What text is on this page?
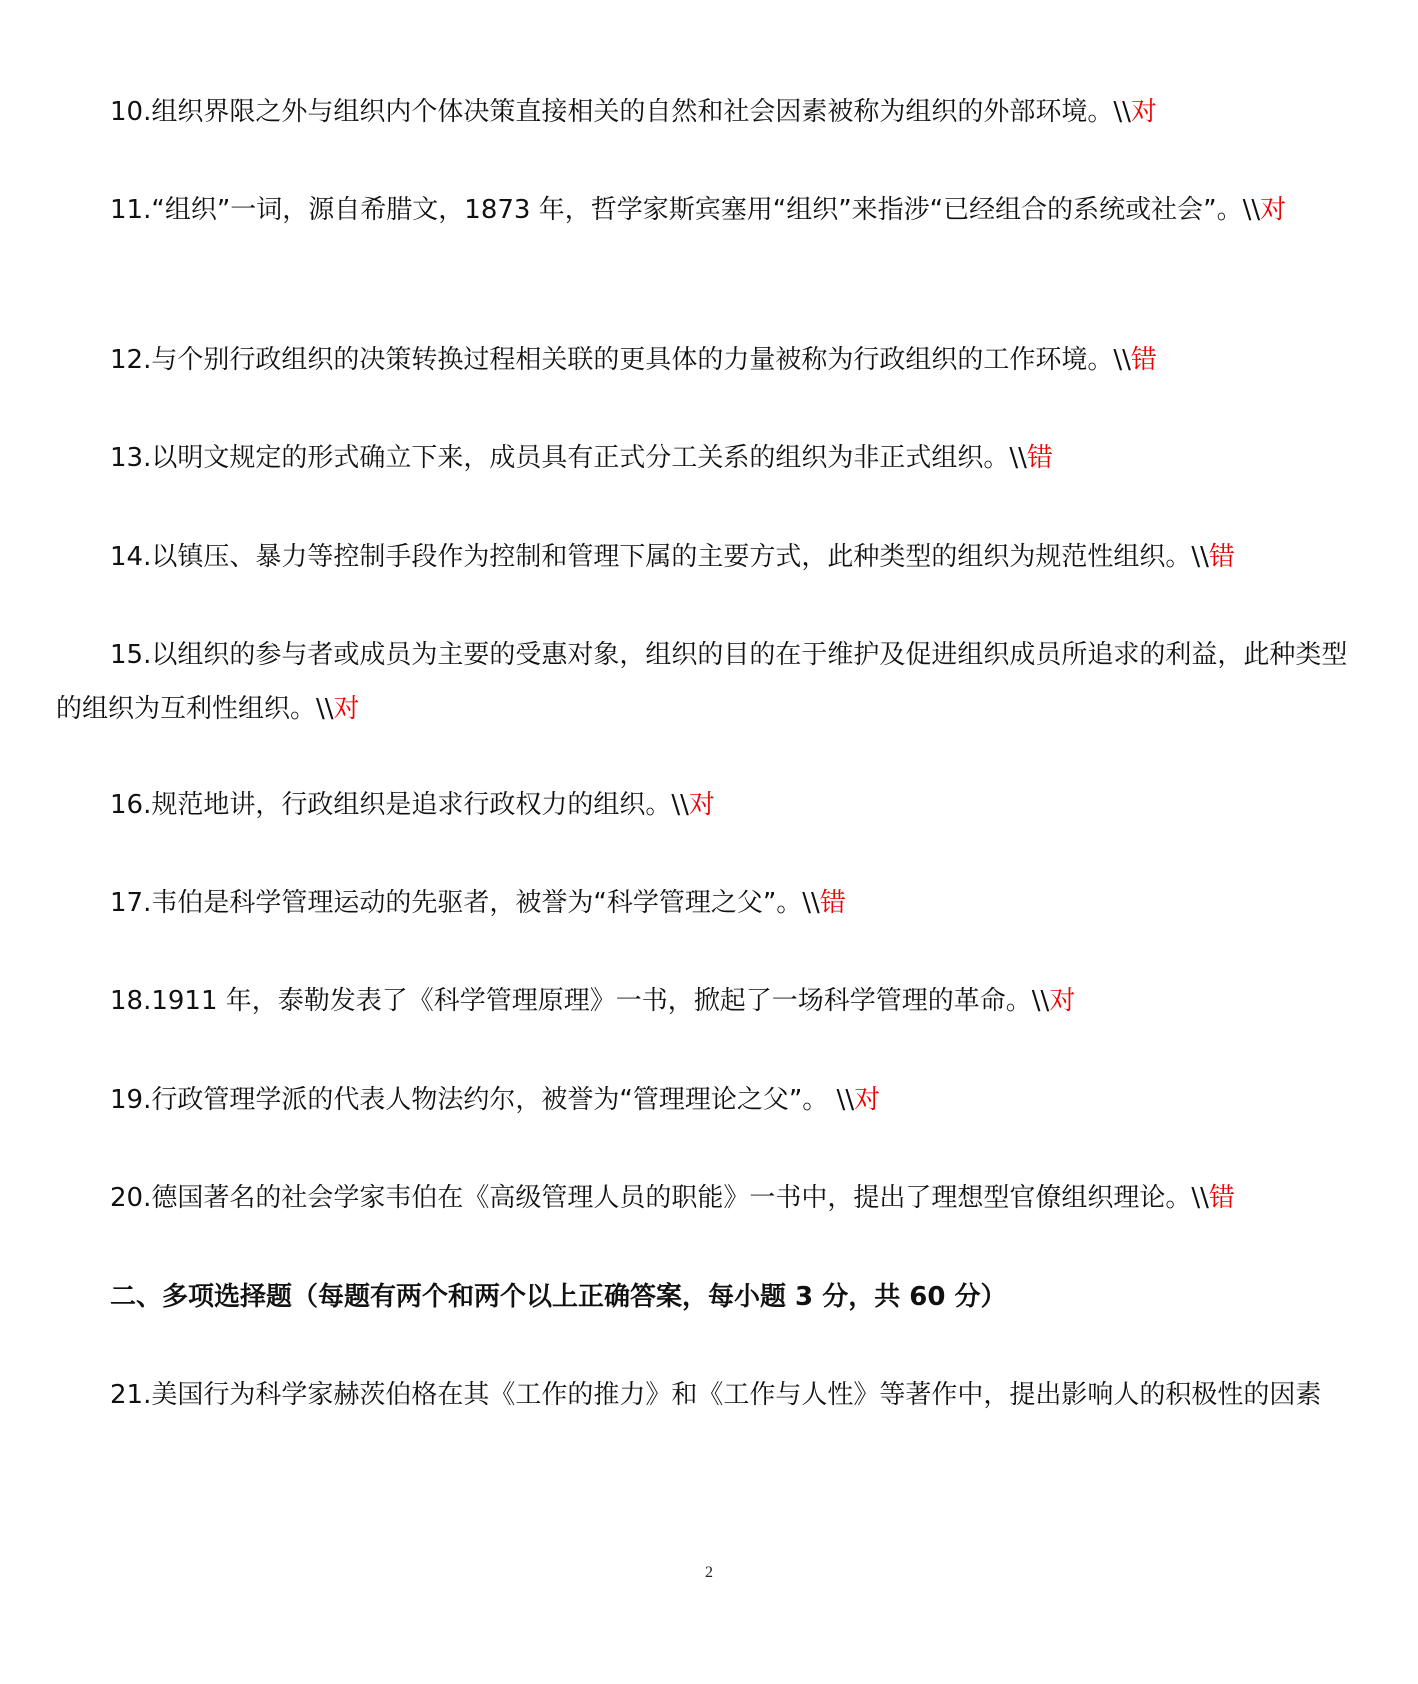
10.组织界限之外与组织内个体决策直接相关的自然和社会因素被称为组织的外部环境。\\对
11.“组织”一词，源自希腊文，1873 年，哲学家斯宾塞用“组织”来指涉“已经组合的系统或社会”。\\对
12.与个别行政组织的决策转换过程相关联的更具体的力量被称为行政组织的工作环境。\\错
13.以明文规定的形式确立下来，成员具有正式分工关系的组织为非正式组织。\\错
14.以镇压、暴力等控制手段作为控制和管理下属的主要方式，此种类型的组织为规范性组织。\\错
15.以组织的参与者或成员为主要的受惠对象，组织的目的在于维护及促进组织成员所追求的利益，此种类型的组织为互利性组织。\\对
16.规范地讲，行政组织是追求行政权力的组织。\\对
17.韦伯是科学管理运动的先驱者，被誉为“科学管理之父”。\\错
18.1911 年，泰勒发表了《科学管理原理》一书，掀起了一场科学管理的革命。\\对
19.行政管理学派的代表人物法约尔，被誉为“管理理论之父”。 \\对
20.德国著名的社会学家韦伯在《高级管理人员的职能》一书中，提出了理想型官僚组织理论。\\错
二、多项选择题（每题有两个和两个以上正确答案，每小题 3 分，共 60 分）
21.美国行为科学家赫茨伯格在其《工作的推力》和《工作与人性》等著作中，提出影响人的积极性的因素
2
